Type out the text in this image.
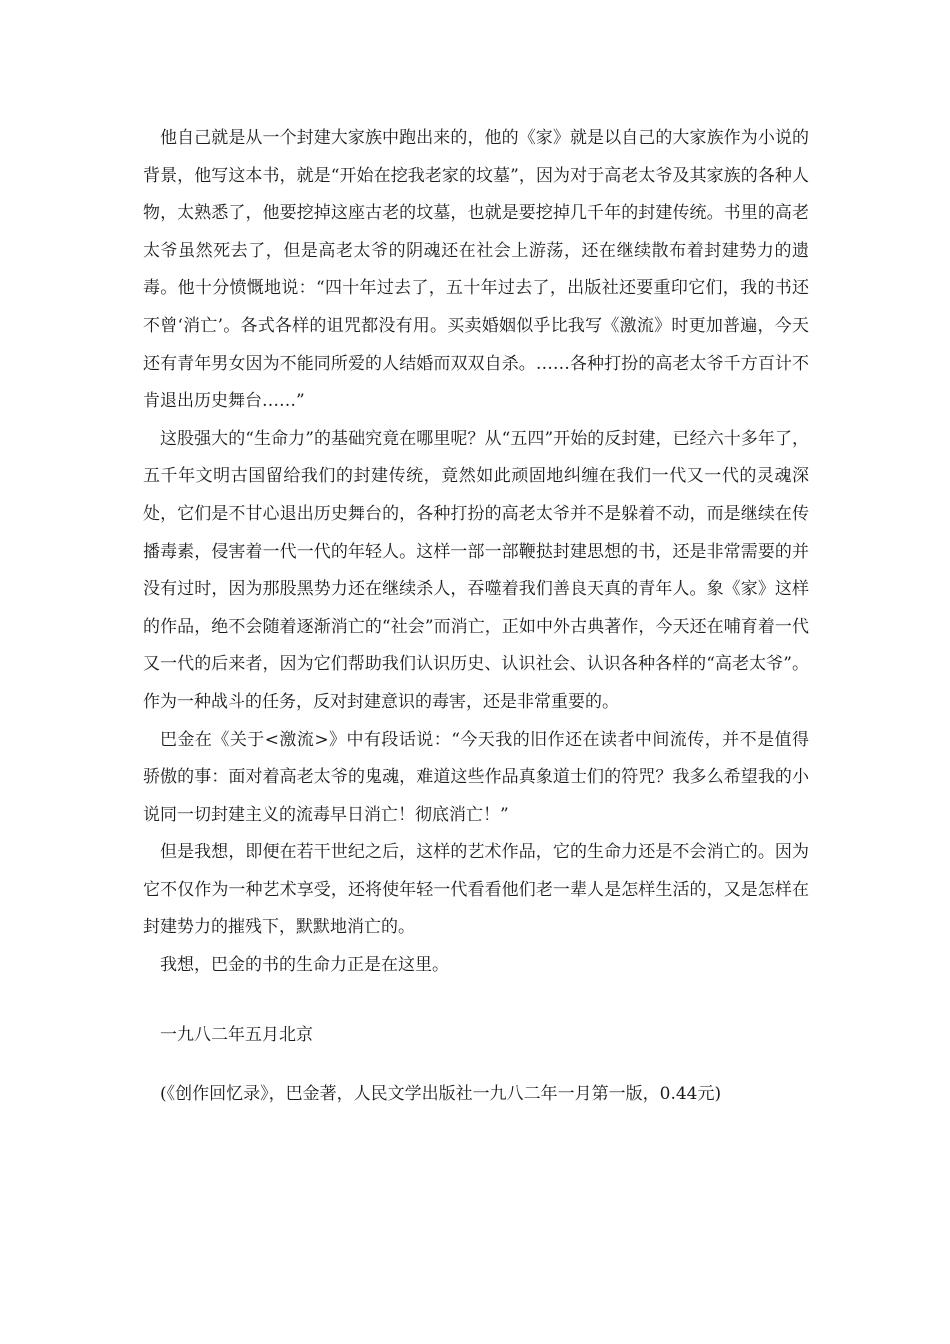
他自己就是从一个封建大家族中跑出来的，他的《家》就是以自己的大家族作为小说的背景，他写这本书，就是“开始在挖我老家的坟墓”，因为对于高老太爷及其家族的各种人物，太熟悉了，他要挖掉这座古老的坟墓，也就是要挖掉几千年的封建传统。书里的高老太爷虽然死去了，但是高老太爷的阴魂还在社会上游荡，还在继续散布着封建势力的遗毒。他十分愤慨地说：“四十年过去了，五十年过去了，出版社还要重印它们，我的书还不曾‘消亡’。各式各样的诅咒都没有用。买卖婚姻似乎比我写《激流》时更加普遍，今天还有青年男女因为不能同所爱的人结婚而双双自杀。……各种打扮的高老太爷千方百计不肯退出历史舞台……”

这股强大的“生命力”的基础究竟在哪里呢？从“五四”开始的反封建，已经六十多年了，五千年文明古国留给我们的封建传统，竟然如此顽固地纠缠在我们一代又一代的灵魂深处，它们是不甘心退出历史舞台的，各种打扮的高老太爷并不是躲着不动，而是继续在传播毒素，侵害着一代一代的年轻人。这样一部一部鞭挞封建思想的书，还是非常需要的并没有过时，因为那股黑势力还在继续杀人，吞噬着我们善良天真的青年人。象《家》这样的作品，绝不会随着逐渐消亡的“社会”而消亡，正如中外古典著作，今天还在哺育着一代又一代的后来者，因为它们帮助我们认识历史、认识社会、认识各种各样的“高老太爷”。作为一种战斗的任务，反对封建意识的毒害，还是非常重要的。

巴金在《关于<激流>》中有段话说：“今天我的旧作还在读者中间流传，并不是值得骄傲的事：面对着高老太爷的鬼魂，难道这些作品真象道士们的符咒？我多么希望我的小说同一切封建主义的流毒早日消亡！彻底消亡！”

但是我想，即便在若干世纪之后，这样的艺术作品，它的生命力还是不会消亡的。因为它不仅作为一种艺术享受，还将使年轻一代看看他们老一辈人是怎样生活的，又是怎样在封建势力的摧残下，默默地消亡的。

我想，巴金的书的生命力正是在这里。

一九八二年五月北京

(《创作回忆录》，巴金著，人民文学出版社一九八二年一月第一版，0.44元)
